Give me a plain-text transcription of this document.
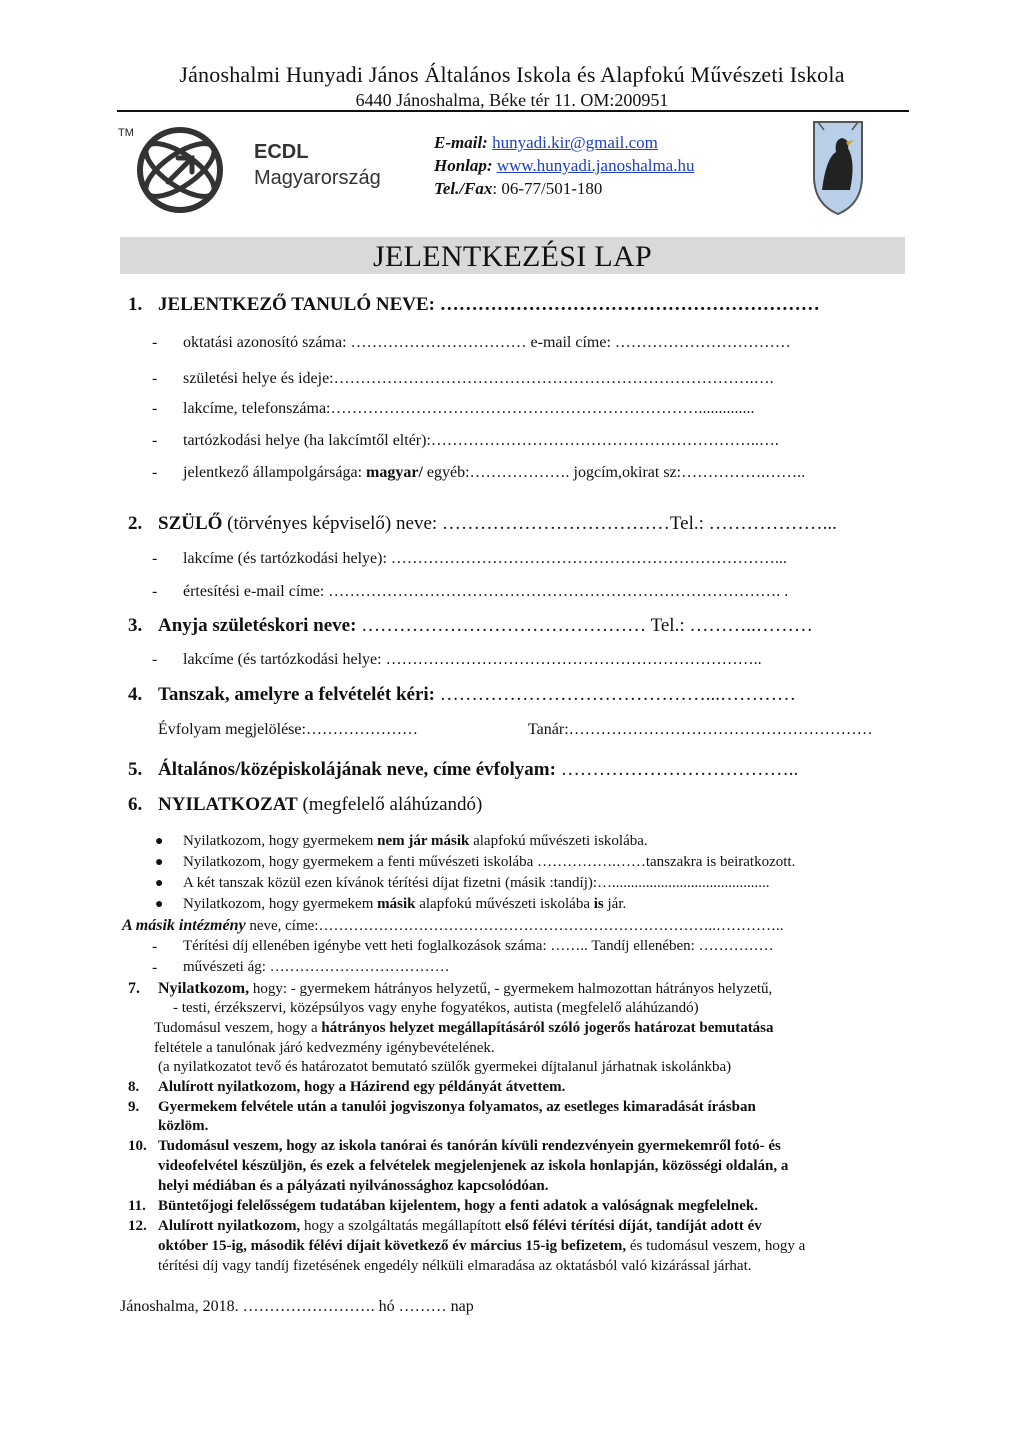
Jánoshalmi Hunyadi János Általános Iskola és Alapfokú Művészeti Iskola
6440 Jánoshalma, Béke tér 11. OM:200951
TM
ECDL
Magyarország
E-mail: hunyadi.kir@gmail.com
Honlap: www.hunyadi.janoshalma.hu
Tel./Fax: 06-77/501-180
JELENTKEZÉSI LAP
1. JELENTKEZŐ TANULÓ NEVE: ……………………………………………………
- oktatási azonosító száma: …………………………… e-mail címe: ……………………………
- születési helye és ideje:…………………………………………………………………….….
- lakcíme, telefonszáma:……………………………………………………………..............
- tartózkodási helye (ha lakcímtől eltér):……………………………………………………..….
- jelentkező állampolgársága: magyar/ egyéb:………………. jogcím,okirat sz:…………….……..
2. SZÜLŐ (törvényes képviselő) neve: ………………………………Tel.: ………………...
- lakcíme (és tartózkodási helye): ………………………………………………………………...
- értesítési e-mail címe: …………………………………………………………………………. .
3. Anyja születéskori neve: ……………………………………… Tel.: ………..………
- lakcíme (és tartózkodási helye: ……………………………………………………………..
4. Tanszak, amelyre a felvételét kéri: ……………………………………...…………
Évfolyam megjelölése:…………………	Tanár:…………………………………………………
5. Általános/középiskolájának neve, címe évfolyam: ………………………………..
6. NYILATKOZAT (megfelelő aláhúzandó)
● Nyilatkozom, hogy gyermekem nem jár másik alapfokú művészeti iskolába.
● Nyilatkozom, hogy gyermekem a fenti művészeti iskolába …………….……tanszakra is beiratkozott.
● A két tanszak közül ezen kívánok térítési díjat fizetni (másik :tandíj):…..........................................
● Nyilatkozom, hogy gyermekem másik alapfokú művészeti iskolába is jár.
A másik intézmény neve, címe:……………………………………………………………………..…………..
- Térítési díj ellenében igénybe vett heti foglalkozások száma: …….. Tandíj ellenében: ……………
- művészeti ág: ………………………………
7. Nyilatkozom, hogy: - gyermekem hátrányos helyzetű, - gyermekem halmozottan hátrányos helyzetű,
- testi, érzékszervi, középsúlyos vagy enyhe fogyatékos, autista (megfelelő aláhúzandó)
Tudomásul veszem, hogy a hátrányos helyzet megállapításáról szóló jogerős határozat bemutatása
feltétele a tanulónak járó kedvezmény igénybevételének.
(a nyilatkozatot tevő és határozatot bemutató szülők gyermekei díjtalanul járhatnak iskolánkba)
8. Alulírott nyilatkozom, hogy a Házirend egy példányát átvettem.
9. Gyermekem felvétele után a tanulói jogviszonya folyamatos, az esetleges kimaradását írásban
közlöm.
10. Tudomásul veszem, hogy az iskola tanórai és tanórán kívüli rendezvényein gyermekemről fotó- és
videofelvétel készüljön, és ezek a felvételek megjelenjenek az iskola honlapján, közösségi oldalán, a
helyi médiában és a pályázati nyilvánossághoz kapcsolódóan.
11. Büntetőjogi felelősségem tudatában kijelentem, hogy a fenti adatok a valóságnak megfelelnek.
12. Alulírott nyilatkozom, hogy a szolgáltatás megállapított első félévi térítési díját, tandíját adott év
október 15-ig, második félévi díjait következő év március 15-ig befizetem, és tudomásul veszem, hogy a
térítési díj vagy tandíj fizetésének engedély nélküli elmaradása az oktatásból való kizárással járhat.
Jánoshalma, 2018. ……………………. hó ……… nap
